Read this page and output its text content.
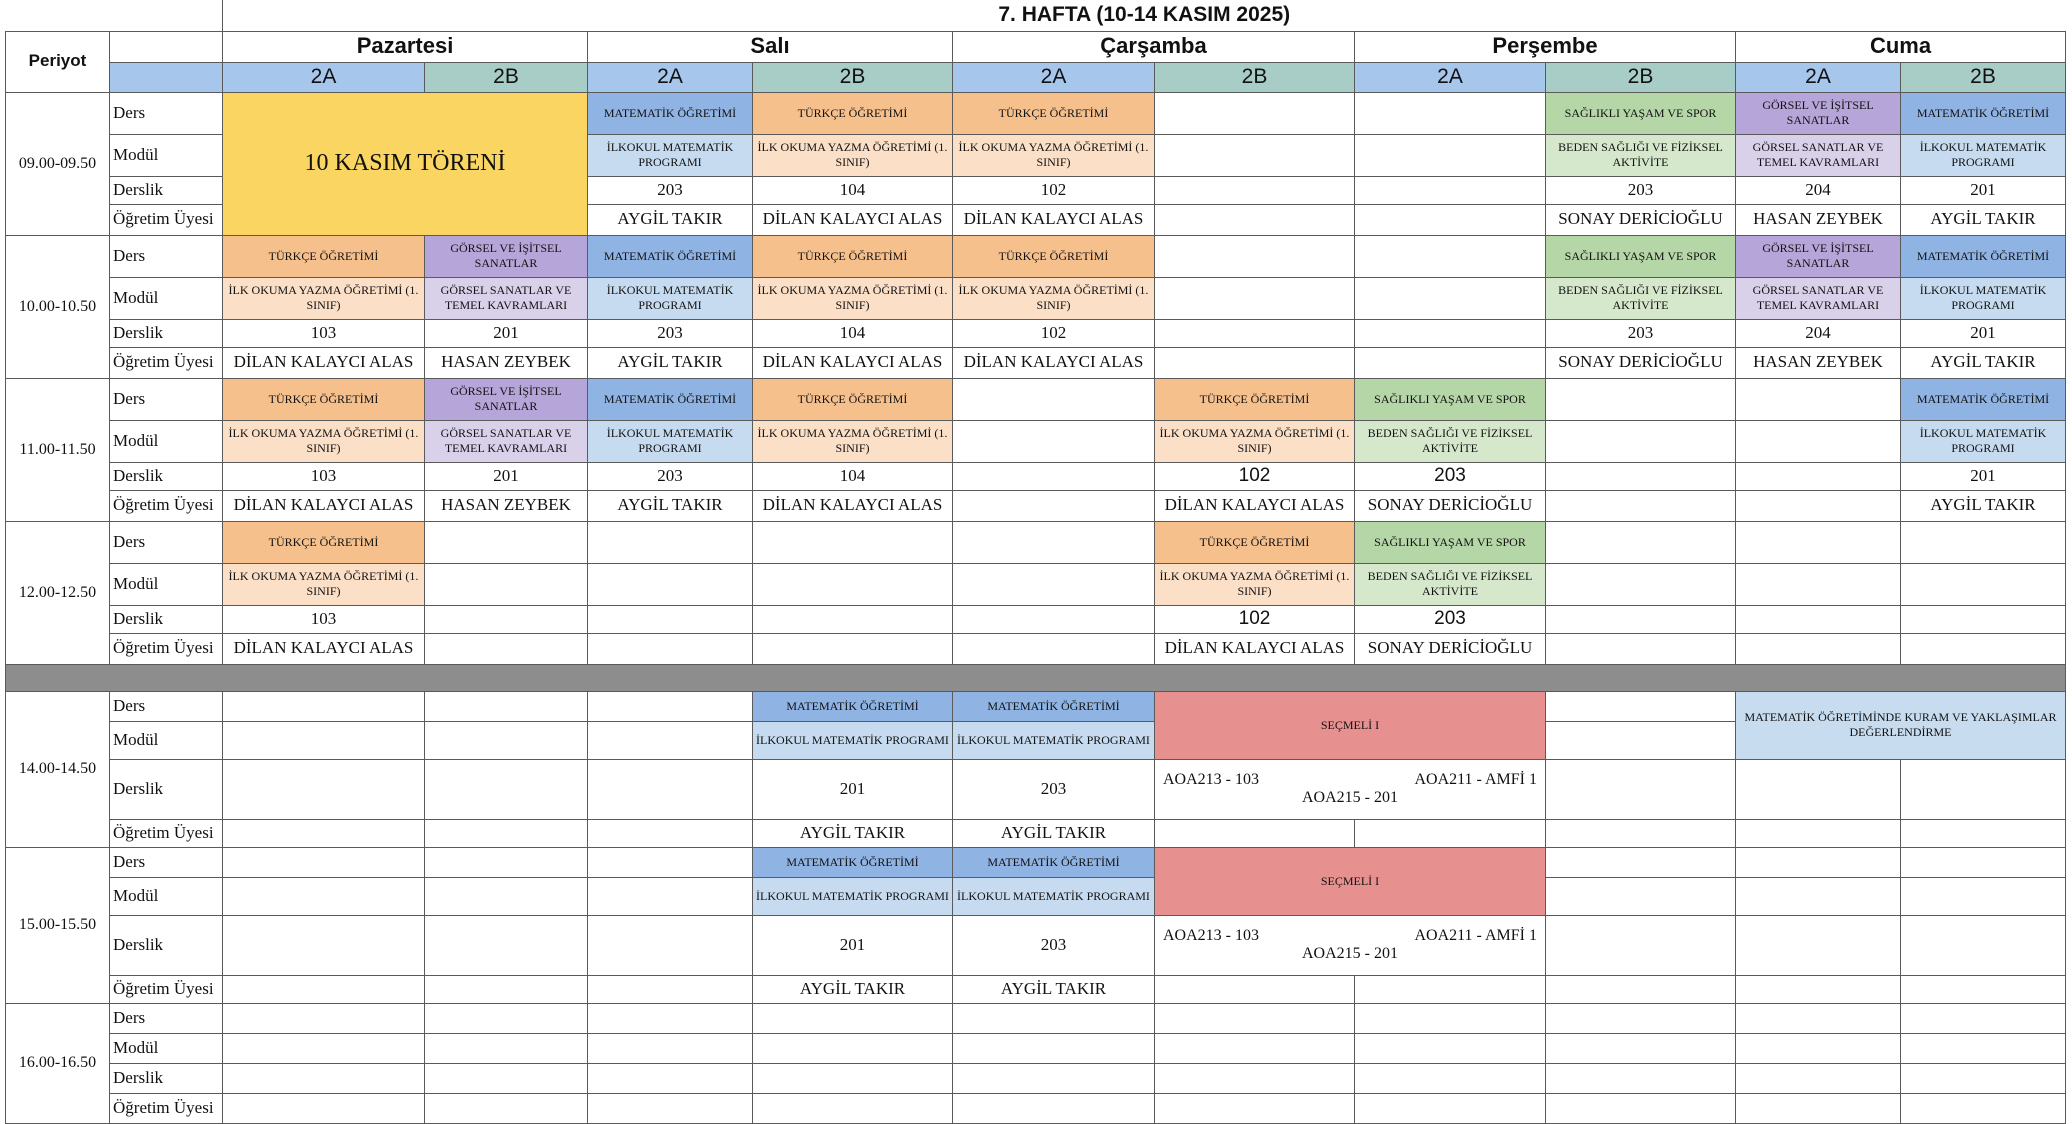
		7. HAFTA (10-14 KASIM 2025)									
Periyot		Pazartesi		Salı		Çarşamba		Perşembe		Cuma	
		2A	2B	2A	2B	2A	2B	2A	2B	2A	2B
09.00-09.50	Ders	10 KASIM TÖRENİ		MATEMATİK ÖĞRETİMİ	TÜRKÇE ÖĞRETİMİ	TÜRKÇE ÖĞRETİMİ			SAĞLIKLI YAŞAM VE SPOR	GÖRSEL VE İŞİTSEL SANATLAR	MATEMATİK ÖĞRETİMİ
	Modül			İLKOKUL MATEMATİK PROGRAMI	İLK OKUMA YAZMA ÖĞRETİMİ (1. SINIF)	İLK OKUMA YAZMA ÖĞRETİMİ (1. SINIF)			BEDEN SAĞLIĞI VE FİZİKSEL AKTİVİTE	GÖRSEL SANATLAR VE TEMEL KAVRAMLARI	İLKOKUL MATEMATİK PROGRAMI
	Derslik			203	104	102			203	204	201
	Öğretim Üyesi			AYGİL TAKIR	DİLAN KALAYCI ALAS	DİLAN KALAYCI ALAS			SONAY DERİCİOĞLU	HASAN ZEYBEK	AYGİL TAKIR
10.00-10.50	Ders	TÜRKÇE ÖĞRETİMİ	GÖRSEL VE İŞİTSEL SANATLAR	MATEMATİK ÖĞRETİMİ	TÜRKÇE ÖĞRETİMİ	TÜRKÇE ÖĞRETİMİ			SAĞLIKLI YAŞAM VE SPOR	GÖRSEL VE İŞİTSEL SANATLAR	MATEMATİK ÖĞRETİMİ
	Modül	İLK OKUMA YAZMA ÖĞRETİMİ (1. SINIF)	GÖRSEL SANATLAR VE TEMEL KAVRAMLARI	İLKOKUL MATEMATİK PROGRAMI	İLK OKUMA YAZMA ÖĞRETİMİ (1. SINIF)	İLK OKUMA YAZMA ÖĞRETİMİ (1. SINIF)			BEDEN SAĞLIĞI VE FİZİKSEL AKTİVİTE	GÖRSEL SANATLAR VE TEMEL KAVRAMLARI	İLKOKUL MATEMATİK PROGRAMI
	Derslik	103	201	203	104	102			203	204	201
	Öğretim Üyesi	DİLAN KALAYCI ALAS	HASAN ZEYBEK	AYGİL TAKIR	DİLAN KALAYCI ALAS	DİLAN KALAYCI ALAS			SONAY DERİCİOĞLU	HASAN ZEYBEK	AYGİL TAKIR
11.00-11.50	Ders	TÜRKÇE ÖĞRETİMİ	GÖRSEL VE İŞİTSEL SANATLAR	MATEMATİK ÖĞRETİMİ	TÜRKÇE ÖĞRETİMİ		TÜRKÇE ÖĞRETİMİ	SAĞLIKLI YAŞAM VE SPOR			MATEMATİK ÖĞRETİMİ
	Modül	İLK OKUMA YAZMA ÖĞRETİMİ (1. SINIF)	GÖRSEL SANATLAR VE TEMEL KAVRAMLARI	İLKOKUL MATEMATİK PROGRAMI	İLK OKUMA YAZMA ÖĞRETİMİ (1. SINIF)		İLK OKUMA YAZMA ÖĞRETİMİ (1. SINIF)	BEDEN SAĞLIĞI VE FİZİKSEL AKTİVİTE			İLKOKUL MATEMATİK PROGRAMI
	Derslik	103	201	203	104		102	203			201
	Öğretim Üyesi	DİLAN KALAYCI ALAS	HASAN ZEYBEK	AYGİL TAKIR	DİLAN KALAYCI ALAS		DİLAN KALAYCI ALAS	SONAY DERİCİOĞLU			AYGİL TAKIR
12.00-12.50	Ders	TÜRKÇE ÖĞRETİMİ					TÜRKÇE ÖĞRETİMİ	SAĞLIKLI YAŞAM VE SPOR			
	Modül	İLK OKUMA YAZMA ÖĞRETİMİ (1. SINIF)					İLK OKUMA YAZMA ÖĞRETİMİ (1. SINIF)	BEDEN SAĞLIĞI VE FİZİKSEL AKTİVİTE			
	Derslik	103					102	203			
	Öğretim Üyesi	DİLAN KALAYCI ALAS					DİLAN KALAYCI ALAS	SONAY DERİCİOĞLU			

14.00-14.50	Ders				MATEMATİK ÖĞRETİMİ	MATEMATİK ÖĞRETİMİ	SEÇMELİ I			MATEMATİK ÖĞRETİMİNDE KURAM VE YAKLAŞIMLAR DEĞERLENDİRME	
	Modül				İLKOKUL MATEMATİK PROGRAMI	İLKOKUL MATEMATİK PROGRAMI					
	Derslik				201	203	AOA213 - 103 AOA211 - AMFİ 1
AOA215 - 201				

	Öğretim Üyesi				AYGİL TAKIR	AYGİL TAKIR					
15.00-15.50	Ders				MATEMATİK ÖĞRETİMİ	MATEMATİK ÖĞRETİMİ	SEÇMELİ I				
	Modül				İLKOKUL MATEMATİK PROGRAMI	İLKOKUL MATEMATİK PROGRAMI					
	Derslik				201	203	AOA213 - 103 AOA211 - AMFİ 1
AOA215 - 201				

	Öğretim Üyesi				AYGİL TAKIR	AYGİL TAKIR					
16.00-16.50	Ders										
	Modül										
	Derslik										
	Öğretim Üyesi										
